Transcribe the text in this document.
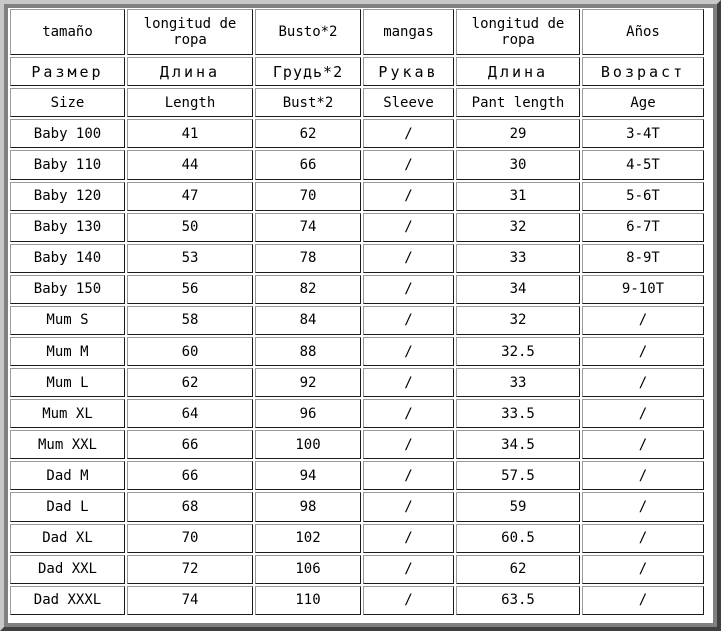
tamaño	longitud de ropa	Busto*2	mangas	longitud de ropa	Años
Размер	Длина	Грудь*2	Рукав	Длина	Возраст
Size	Length	Bust*2	Sleeve	Pant length	Age
Baby 100	41	62	/	29	3-4T
Baby 110	44	66	/	30	4-5T
Baby 120	47	70	/	31	5-6T
Baby 130	50	74	/	32	6-7T
Baby 140	53	78	/	33	8-9T
Baby 150	56	82	/	34	9-10T
Mum S	58	84	/	32	/
Mum M	60	88	/	32.5	/
Mum L	62	92	/	33	/
Mum XL	64	96	/	33.5	/
Mum XXL	66	100	/	34.5	/
Dad M	66	94	/	57.5	/
Dad L	68	98	/	59	/
Dad XL	70	102	/	60.5	/
Dad XXL	72	106	/	62	/
Dad XXXL	74	110	/	63.5	/
